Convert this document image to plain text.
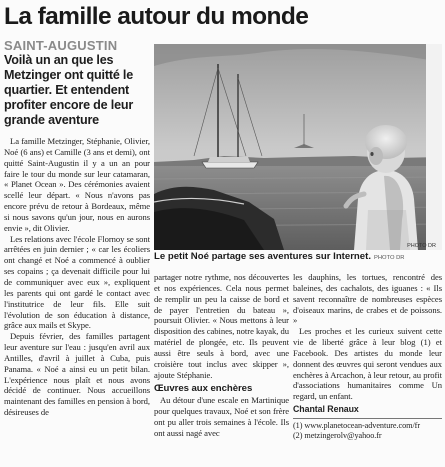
La famille autour du monde
SAINT-AUGUSTIN
Voilà un an que les Metzinger ont quitté le quartier. Et entendent profiter encore de leur grande aventure

La famille Metzinger, Stéphanie, Olivier, Noé (6 ans) et Camille (3 ans et demi), ont quitté Saint-Augustin il y a un an pour faire le tour du monde sur leur catamaran, « Planet Ocean ». Des cérémonies avaient scellé leur départ. « Nous n'avons pas encore prévu de retour à Bordeaux, même si nous savons qu'un jour, nous en aurons envie », dit Olivier.

Les relations avec l'école Flornoy se sont arrêtées en juin dernier ; « car les écoliers ont changé et Noé a commencé à oublier ses copains ; ça devenait difficile pour lui de communiquer avec eux », expliquent les parents qui ont gardé le contact avec l'institutrice de leur fils. Elle suit l'évolution de son éducation à distance, grâce aux mails et Skype.

Depuis février, des familles partagent leur aventure sur l'eau : jusqu'en avril aux Antilles, d'avril à juillet à Cuba, puis Panama. « Noé a ainsi eu un petit bilan. L'expérience nous plaît et nous avons décidé de continuer. Nous accueillons maintenant des familles en pension à bord, désireuses de

PHOTO DR
Le petit Noé partage ses aventures sur Internet. PHOTO DR

partager notre rythme, nos découvertes et nos expériences. Cela nous permet de remplir un peu la caisse de bord et de payer l'entretien du bateau », poursuit Olivier. « Nous mettons à leur disposition des cabines, notre kayak, du matériel de plongée, etc. Ils peuvent aussi être seuls à bord, avec une croisière tout inclus avec skipper », ajoute Stéphanie.

Œuvres aux enchères

Au détour d'une escale en Martinique pour quelques travaux, Noé et son frère ont pu aller trois semaines à l'école. Ils ont aussi nagé avec

les dauphins, les tortues, rencontré des baleines, des cachalots, des iguanes : « Ils savent reconnaître de nombreuses espèces d'oiseaux marins, de crabes et de poissons. »

Les proches et les curieux suivent cette vie de liberté grâce à leur blog (1) et Facebook. Des artistes du monde leur donnent des œuvres qui seront vendues aux enchères à Arcachon, à leur retour, au profit d'associations humanitaires comme Un regard, un enfant.

Chantal Renaux
(1) www.planetocean-adventure.com/fr
(2) metzingerolv@yahoo.fr
